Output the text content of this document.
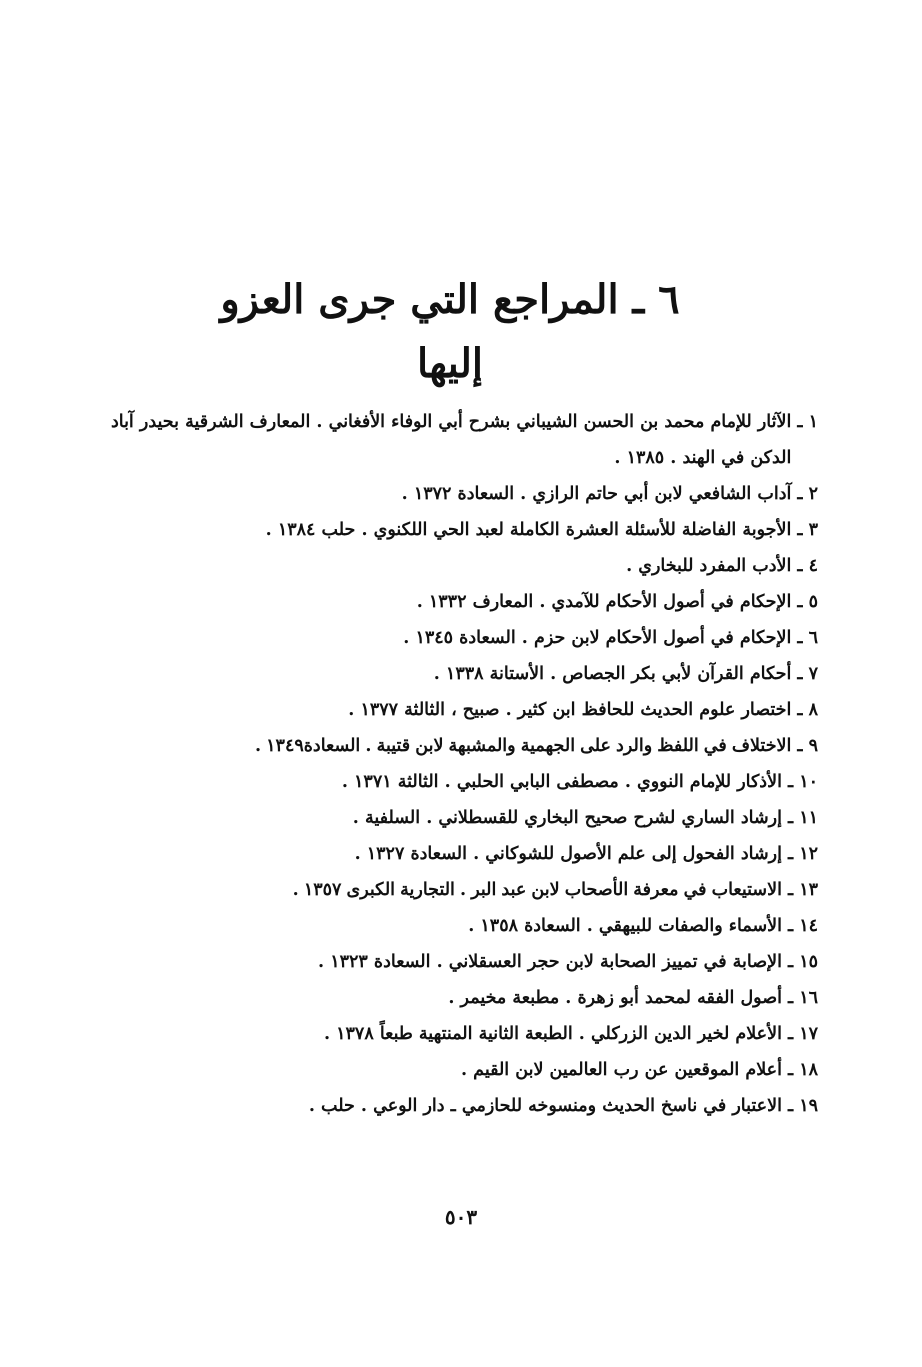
٦ ـ المراجع التي جرى العزو إليها
١ ـ
الآثار للإمام محمد بن الحسن الشيباني بشرح أبي الوفاء الأفغاني . المعارف الشرقية بحيدر آباد الدكن في الهند . ١٣٨٥ .
٢ ـ
آداب الشافعي لابن أبي حاتم الرازي . السعادة ١٣٧٢ .
٣ ـ
الأجوبة الفاضلة للأسئلة العشرة الكاملة لعبد الحي اللكنوي . حلب ١٣٨٤ .
٤ ـ
الأدب المفرد للبخاري .
٥ ـ
الإحكام في أصول الأحكام للآمدي . المعارف ١٣٣٢ .
٦ ـ
الإحكام في أصول الأحكام لابن حزم . السعادة ١٣٤٥ .
٧ ـ
أحكام القرآن لأبي بكر الجصاص . الأستانة ١٣٣٨ .
٨ ـ
اختصار علوم الحديث للحافظ ابن كثير . صبيح ، الثالثة ١٣٧٧ .
٩ ـ
الاختلاف في اللفظ والرد على الجهمية والمشبهة لابن قتيبة . السعادة١٣٤٩ .
١٠ ـ
الأذكار للإمام النووي . مصطفى البابي الحلبي . الثالثة ١٣٧١ .
١١ ـ
إرشاد الساري لشرح صحيح البخاري للقسطلاني . السلفية .
١٢ ـ
إرشاد الفحول إلى علم الأصول للشوكاني . السعادة ١٣٢٧ .
١٣ ـ
الاستيعاب في معرفة الأصحاب لابن عبد البر . التجارية الكبرى ١٣٥٧ .
١٤ ـ
الأسماء والصفات للبيهقي . السعادة ١٣٥٨ .
١٥ ـ
الإصابة في تمييز الصحابة لابن حجر العسقلاني . السعادة ١٣٢٣ .
١٦ ـ
أصول الفقه لمحمد أبو زهرة . مطبعة مخيمر .
١٧ ـ
الأعلام لخير الدين الزركلي . الطبعة الثانية المنتهية طبعاً ١٣٧٨ .
١٨ ـ
أعلام الموقعين عن رب العالمين لابن القيم .
١٩ ـ
الاعتبار في ناسخ الحديث ومنسوخه للحازمي ـ دار الوعي . حلب .
٥٠٣
